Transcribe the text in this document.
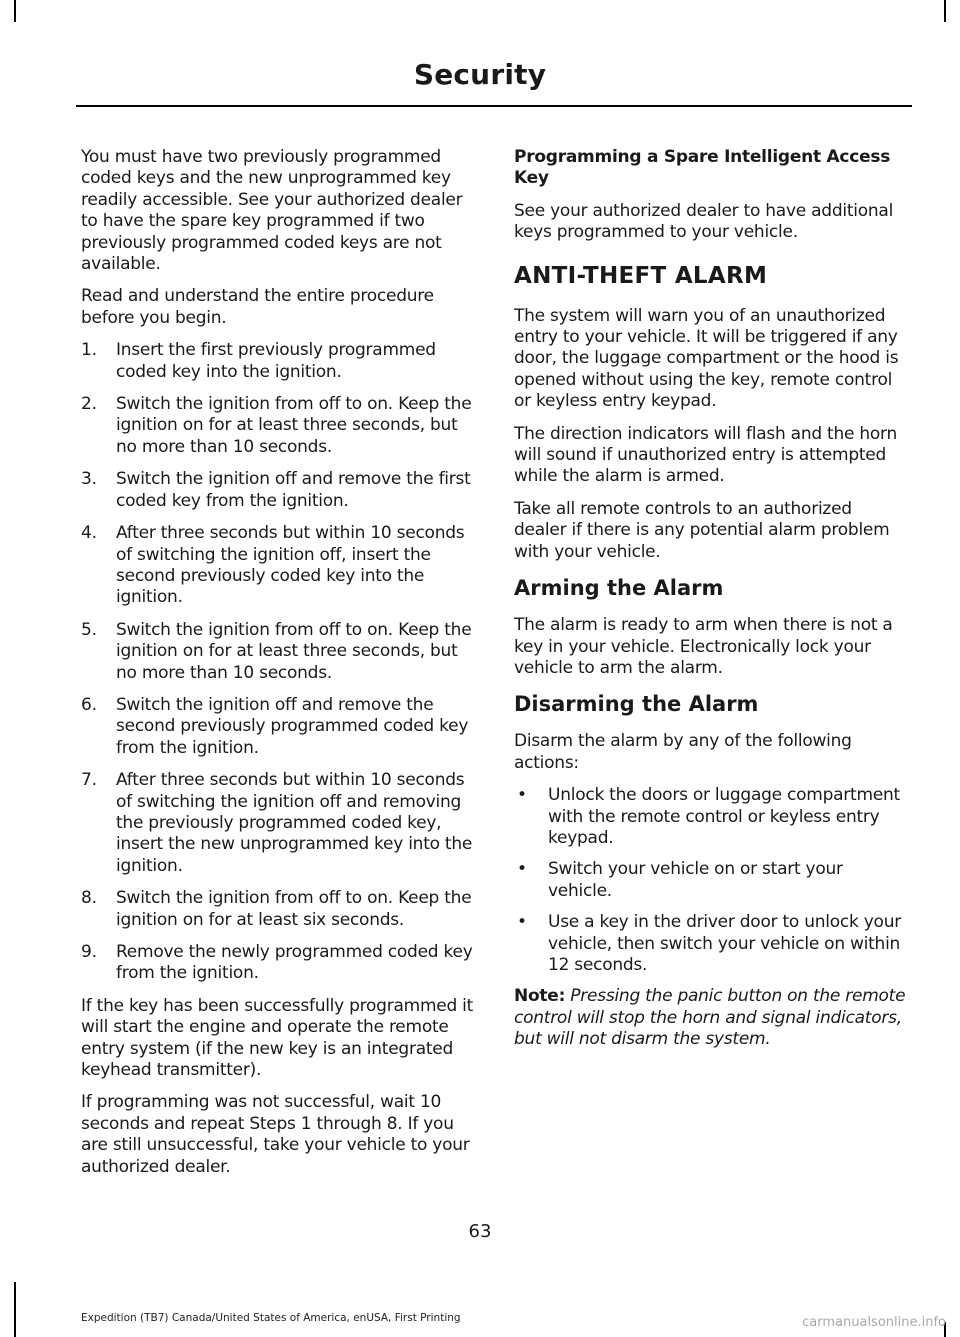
Security

You must have two previously programmed coded keys and the new unprogrammed key readily accessible. See your authorized dealer to have the spare key programmed if two previously programmed coded keys are not available.

Read and understand the entire procedure before you begin.

1. Insert the first previously programmed coded key into the ignition.
2. Switch the ignition from off to on. Keep the ignition on for at least three seconds, but no more than 10 seconds.
3. Switch the ignition off and remove the first coded key from the ignition.
4. After three seconds but within 10 seconds of switching the ignition off, insert the second previously coded key into the ignition.
5. Switch the ignition from off to on. Keep the ignition on for at least three seconds, but no more than 10 seconds.
6. Switch the ignition off and remove the second previously programmed coded key from the ignition.
7. After three seconds but within 10 seconds of switching the ignition off and removing the previously programmed coded key, insert the new unprogrammed key into the ignition.
8. Switch the ignition from off to on. Keep the ignition on for at least six seconds.
9. Remove the newly programmed coded key from the ignition.

If the key has been successfully programmed it will start the engine and operate the remote entry system (if the new key is an integrated keyhead transmitter).

If programming was not successful, wait 10 seconds and repeat Steps 1 through 8. If you are still unsuccessful, take your vehicle to your authorized dealer.

Programming a Spare Intelligent Access Key

See your authorized dealer to have additional keys programmed to your vehicle.

ANTI-THEFT ALARM

The system will warn you of an unauthorized entry to your vehicle. It will be triggered if any door, the luggage compartment or the hood is opened without using the key, remote control or keyless entry keypad.

The direction indicators will flash and the horn will sound if unauthorized entry is attempted while the alarm is armed.

Take all remote controls to an authorized dealer if there is any potential alarm problem with your vehicle.

Arming the Alarm

The alarm is ready to arm when there is not a key in your vehicle. Electronically lock your vehicle to arm the alarm.

Disarming the Alarm

Disarm the alarm by any of the following actions:

• Unlock the doors or luggage compartment with the remote control or keyless entry keypad.
• Switch your vehicle on or start your vehicle.
• Use a key in the driver door to unlock your vehicle, then switch your vehicle on within 12 seconds.

Note: Pressing the panic button on the remote control will stop the horn and signal indicators, but will not disarm the system.

63
Expedition (TB7) Canada/United States of America, enUSA, First Printing	carmanualsonline.info
